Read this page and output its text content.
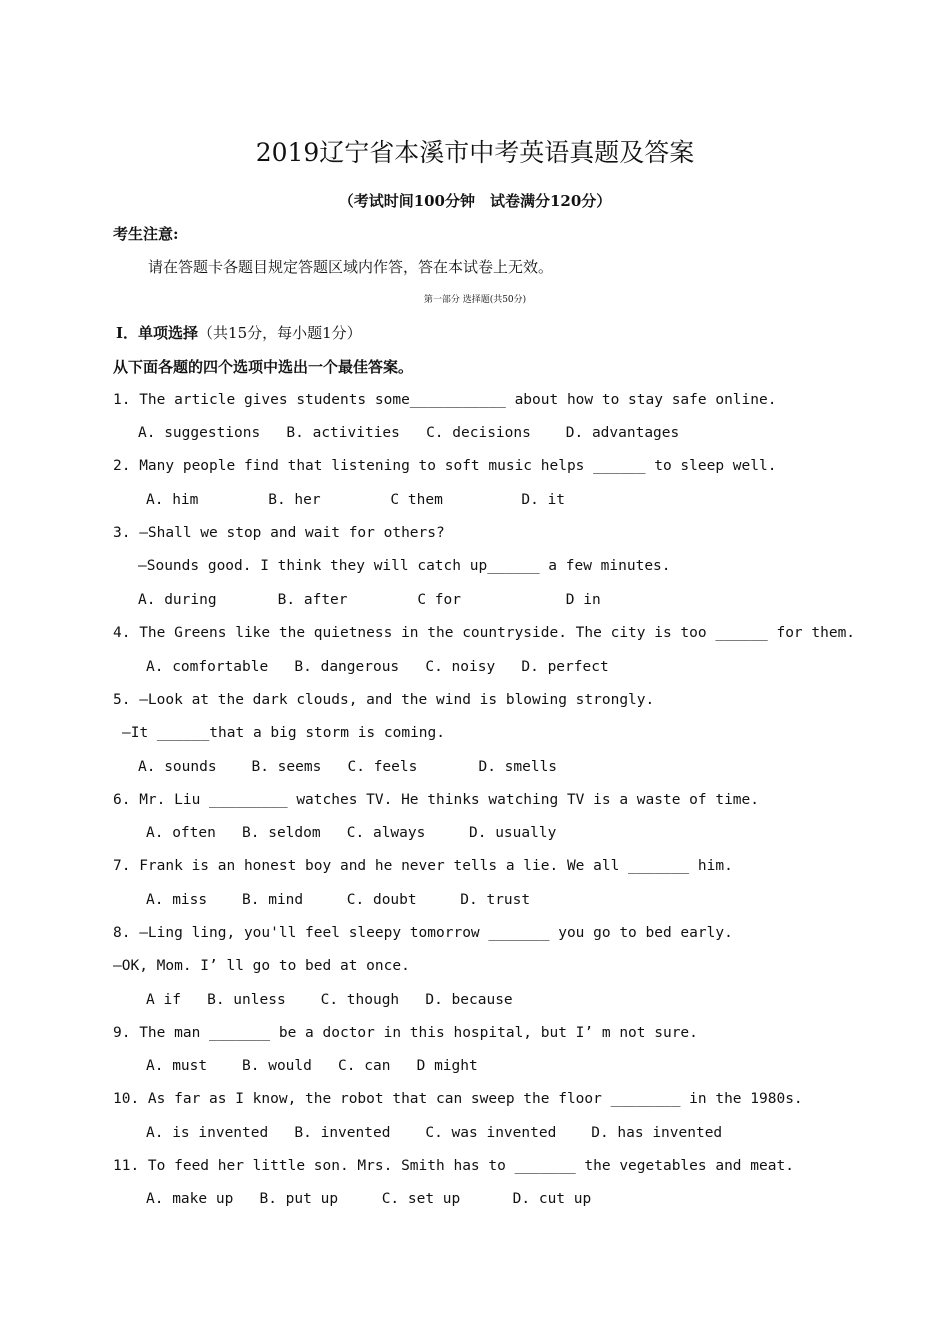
2019辽宁省本溪市中考英语真题及答案
（考试时间100分钟　试卷满分120分）
考生注意:
请在答题卡各题目规定答题区域内作答，答在本试卷上无效。
第一部分 选择题(共50分)
I．单项选择（共15分，每小题1分）
从下面各题的四个选项中选出一个最佳答案。
1. The article gives students some___________ about how to stay safe online.
A. suggestions   B. activities   C. decisions    D. advantages
2. Many people find that listening to soft music helps ______ to sleep well.
A. him        B. her        C them         D. it
3. —Shall we stop and wait for others?
—Sounds good. I think they will catch up______ a few minutes.
A. during       B. after        C for            D in
4. The Greens like the quietness in the countryside. The city is too ______ for them.
A. comfortable   B. dangerous   C. noisy   D. perfect
5. —Look at the dark clouds, and the wind is blowing strongly.
—It ______that a big storm is coming.
A. sounds    B. seems   C. feels       D. smells
6. Mr. Liu _________ watches TV. He thinks watching TV is a waste of time.
A. often   B. seldom   C. always     D. usually
7. Frank is an honest boy and he never tells a lie. We all _______ him.
A. miss    B. mind     C. doubt     D. trust
8. —Ling ling, you'll feel sleepy tomorrow _______ you go to bed early.
—OK, Mom. I’ ll go to bed at once.
A if   B. unless    C. though   D. because
9. The man _______ be a doctor in this hospital, but I’ m not sure.
A. must    B. would   C. can   D might
10. As far as I know, the robot that can sweep the floor ________ in the 1980s.
A. is invented   B. invented    C. was invented    D. has invented
11. To feed her little son. Mrs. Smith has to _______ the vegetables and meat.
A. make up   B. put up     C. set up      D. cut up
